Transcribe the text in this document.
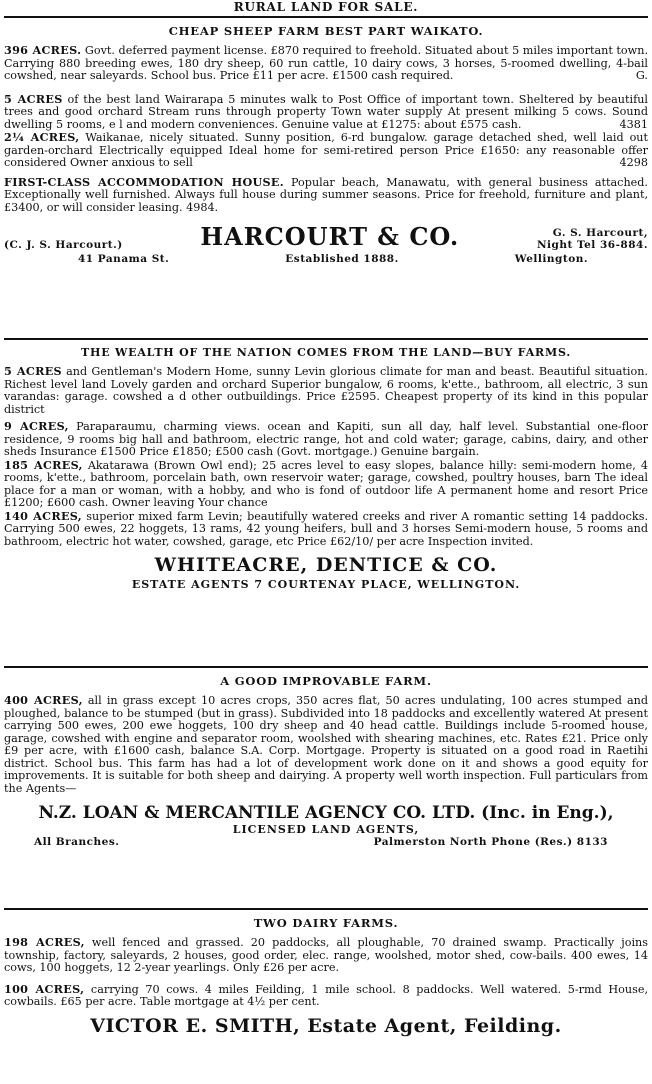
RURAL LAND FOR SALE.
CHEAP SHEEP FARM BEST PART WAIKATO.

396 ACRES. Govt. deferred payment license. £870 required to freehold. Situated about 5 miles important town. Carrying 880 breeding ewes, 180 dry sheep, 60 run cattle, 10 dairy cows, 3 horses, 5-roomed dwelling, 4-bail cowshed, near saleyards. School bus. Price £11 per acre. £1500 cash required.	G.

5 ACRES of the best land Wairarapa 5 minutes walk to Post Office of important town. Sheltered by beautiful trees and good orchard Stream runs through property Town water supply At present milking 5 cows. Sound dwelling 5 rooms, e l and modern conveniences. Genuine value at £1275: about £575 cash.	4381

2¼ ACRES, Waikanae, nicely situated. Sunny position, 6-rd bungalow. garage detached shed, well laid out garden-orchard Electrically equipped Ideal home for semi-retired person Price £1650: any reasonable offer considered Owner anxious to sell	4298

FIRST-CLASS ACCOMMODATION HOUSE. Popular beach, Manawatu, with general business attached. Exceptionally well furnished. Always full house during summer seasons. Price for freehold, furniture and plant, £3400, or will consider leasing. 4984.

(C. J. S. Harcourt.)	HARCOURT & CO.	G. S. Harcourt,
Night Tel 36-884.
41 Panama St.	Established 1888.	Wellington.
THE WEALTH OF THE NATION COMES FROM THE LAND—BUY FARMS.

5 ACRES and Gentleman's Modern Home, sunny Levin glorious climate for man and beast. Beautiful situation. Richest level land Lovely garden and orchard Superior bungalow, 6 rooms, k'ette., bathroom, all electric, 3 sun varandas: garage. cowshed a d other outbuildings. Price £2595. Cheapest property of its kind in this popular district

9 ACRES, Paraparaumu, charming views. ocean and Kapiti, sun all day, half level. Substantial one-floor residence, 9 rooms big hall and bathroom, electric range, hot and cold water; garage, cabins, dairy, and other sheds Insurance £1500 Price £1850; £500 cash (Govt. mortgage.) Genuine bargain.

185 ACRES, Akatarawa (Brown Owl end); 25 acres level to easy slopes, balance hilly: semi-modern home, 4 rooms, k'ette., bathroom, porcelain bath, own reservoir water; garage, cowshed, poultry houses, barn The ideal place for a man or woman, with a hobby, and who is fond of outdoor life A permanent home and resort Price £1200; £600 cash. Owner leaving Your chance

140 ACRES, superior mixed farm Levin; beautifully watered creeks and river A romantic setting 14 paddocks. Carrying 500 ewes, 22 hoggets, 13 rams, 42 young heifers, bull and 3 horses Semi-modern house, 5 rooms and bathroom, electric hot water, cowshed, garage, etc Price £62/10/ per acre Inspection invited.

WHITEACRE, DENTICE & CO.
ESTATE AGENTS 7 COURTENAY PLACE, WELLINGTON.
A GOOD IMPROVABLE FARM.

400 ACRES, all in grass except 10 acres crops, 350 acres flat, 50 acres undulating, 100 acres stumped and ploughed, balance to be stumped (but in grass). Subdivided into 18 paddocks and excellently watered At present carrying 500 ewes, 200 ewe hoggets, 100 dry sheep and 40 head cattle. Buildings include 5-roomed house, garage, cowshed with engine and separator room, woolshed with shearing machines, etc. Rates £21. Price only £9 per acre, with £1600 cash, balance S.A. Corp. Mortgage. Property is situated on a good road in Raetihi district. School bus. This farm has had a lot of development work done on it and shows a good equity for improvements. It is suitable for both sheep and dairying. A property well worth inspection. Full particulars from the Agents—

N.Z. LOAN & MERCANTILE AGENCY CO. LTD. (Inc. in Eng.),
LICENSED LAND AGENTS,
All Branches.	Palmerston North Phone (Res.) 8133
TWO DAIRY FARMS.

198 ACRES, well fenced and grassed. 20 paddocks, all ploughable, 70 drained swamp. Practically joins township, factory, saleyards, 2 houses, good order, elec. range, woolshed, motor shed, cow-bails. 400 ewes, 14 cows, 100 hoggets, 12 2-year yearlings. Only £26 per acre.

100 ACRES, carrying 70 cows. 4 miles Feilding, 1 mile school. 8 paddocks. Well watered. 5-rmd House, cowbails. £65 per acre. Table mortgage at 4½ per cent.

VICTOR E. SMITH, Estate Agent, Feilding.
